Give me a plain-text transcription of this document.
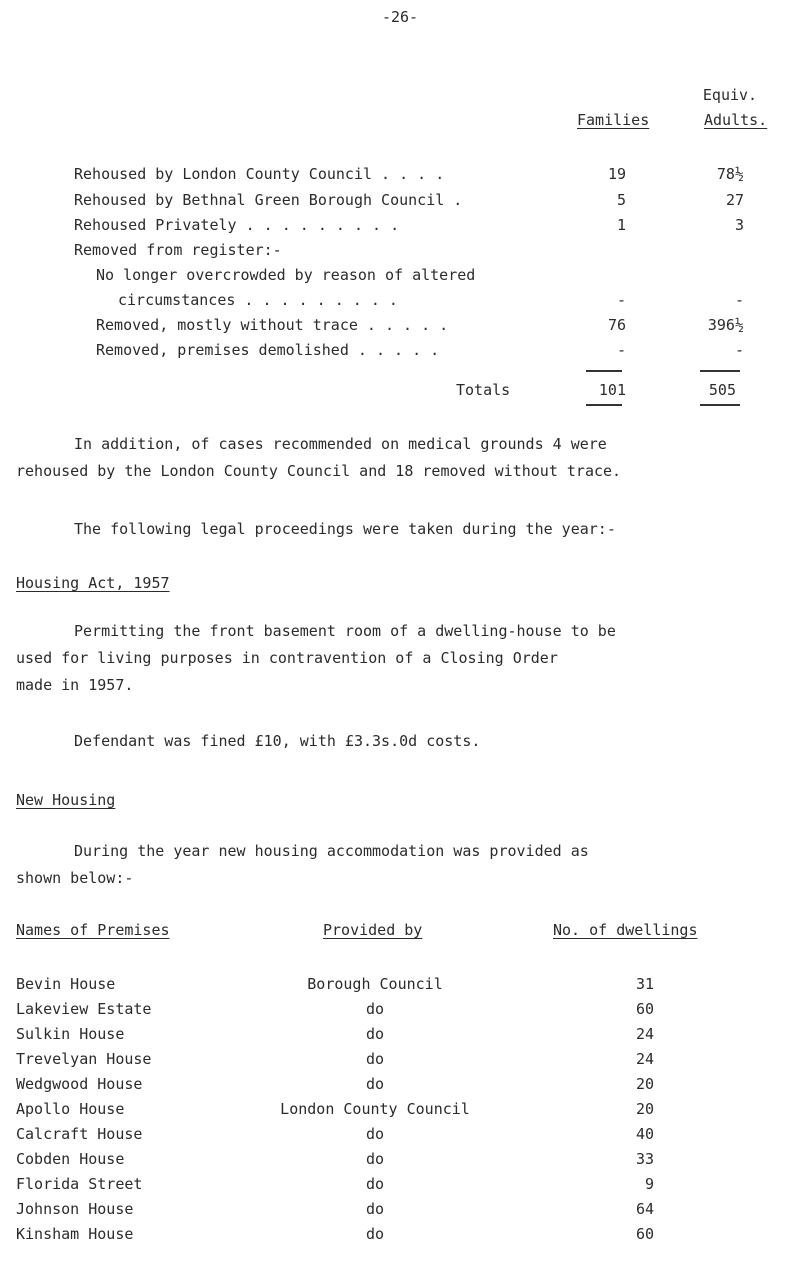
-26-
Equiv.
Families	Adults.
Rehoused by London County Council . . . .	19	78½
Rehoused by Bethnal Green Borough Council .	5	27
Rehoused Privately . . . . . . . . .	1	3
Removed from register:-
No longer overcrowded by reason of altered
circumstances . . . . . . . . .	-	-
Removed, mostly without trace . . . . .	76	396½
Removed, premises demolished . . . . .	-	-
Totals	101	505
In addition, of cases recommended on medical grounds 4 were
rehoused by the London County Council and 18 removed without trace.
The following legal proceedings were taken during the year:-
Housing Act, 1957
Permitting the front basement room of a dwelling-house to be
used for living purposes in contravention of a Closing Order
made in 1957.
Defendant was fined £10, with £3.3s.0d costs.
New Housing
During the year new housing accommodation was provided as
shown below:-
Names of Premises	Provided by	No. of dwellings
Bevin House	Borough Council	31
Lakeview Estate	do	60
Sulkin House	do	24
Trevelyan House	do	24
Wedgwood House	do	20
Apollo House	London County Council	20
Calcraft House	do	40
Cobden House	do	33
Florida Street	do	9
Johnson House	do	64
Kinsham House	do	60
